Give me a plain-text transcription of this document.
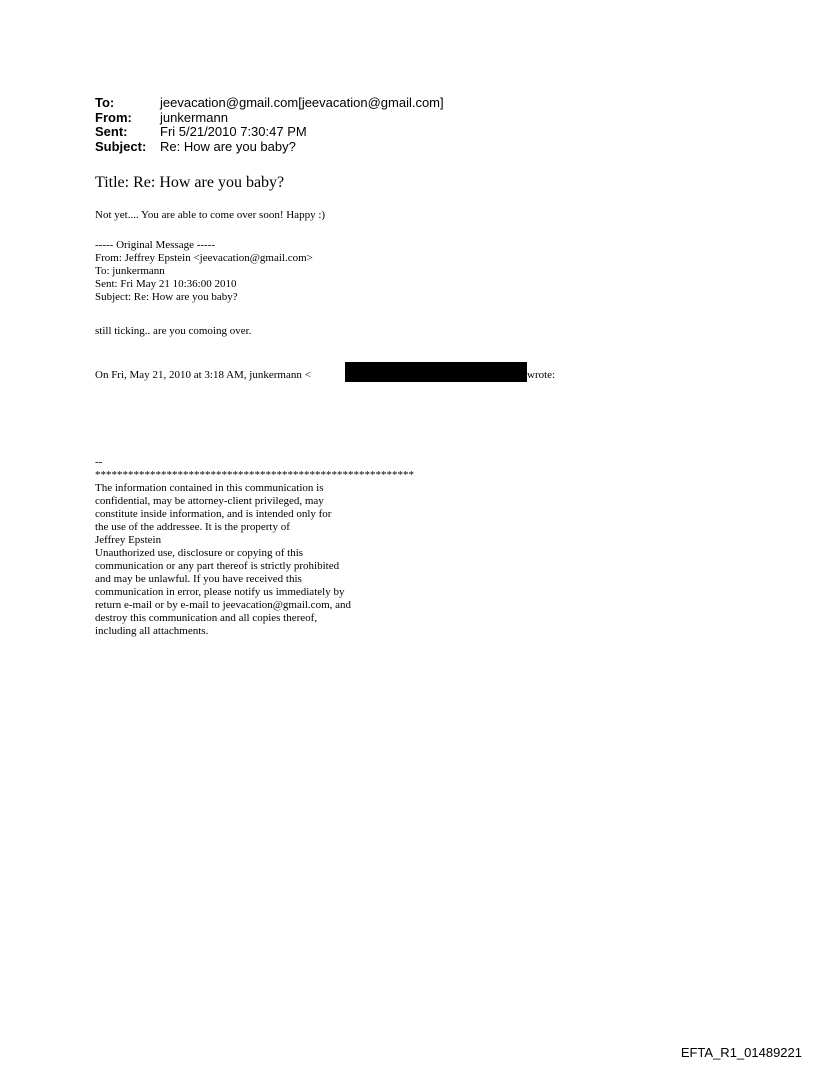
To:	jeevacation@gmail.com[jeevacation@gmail.com]
From:	junkermann
Sent:	Fri 5/21/2010 7:30:47 PM
Subject:	Re: How are you baby?
Title: Re: How are you baby?
Not yet.... You are able to come over soon! Happy :)
----- Original Message -----
From: Jeffrey Epstein <jeevacation@gmail.com>
To: junkermann
Sent: Fri May 21 10:36:00 2010
Subject: Re: How are you baby?
still ticking.. are you comoing over.
On Fri, May 21, 2010 at 3:18 AM, junkermann <	wrote:
--
**********************************************************
The information contained in this communication is
confidential, may be attorney-client privileged, may
constitute inside information, and is intended only for
the use of the addressee. It is the property of
Jeffrey Epstein
Unauthorized use, disclosure or copying of this
communication or any part thereof is strictly prohibited
and may be unlawful. If you have received this
communication in error, please notify us immediately by
return e-mail or by e-mail to jeevacation@gmail.com, and
destroy this communication and all copies thereof,
including all attachments.
EFTA_R1_01489221
